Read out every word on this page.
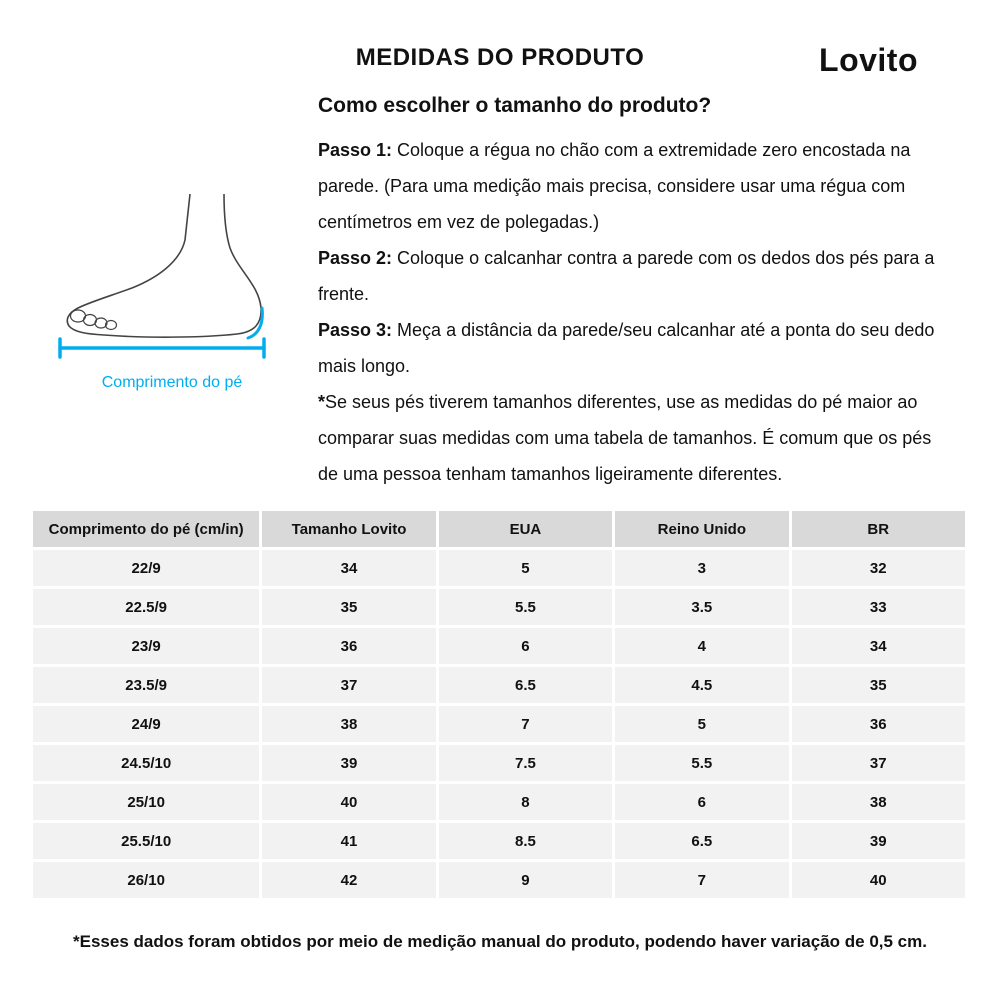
MEDIDAS DO PRODUTO	Lovito
Como escolher o tamanho do produto?

Passo 1: Coloque a régua no chão com a extremidade zero encostada na parede. (Para uma medição mais precisa, considere usar uma régua com centímetros em vez de polegadas.)

Passo 2: Coloque o calcanhar contra a parede com os dedos dos pés para a frente.

Passo 3: Meça a distância da parede/seu calcanhar até a ponta do seu dedo mais longo.

*Se seus pés tiverem tamanhos diferentes, use as medidas do pé maior ao comparar suas medidas com uma tabela de tamanhos. É comum que os pés de uma pessoa tenham tamanhos ligeiramente diferentes.

Comprimento do pé
Comprimento do pé (cm/in)	Tamanho Lovito	EUA	Reino Unido	BR
22/9	34	5	3	32
22.5/9	35	5.5	3.5	33
23/9	36	6	4	34
23.5/9	37	6.5	4.5	35
24/9	38	7	5	36
24.5/10	39	7.5	5.5	37
25/10	40	8	6	38
25.5/10	41	8.5	6.5	39
26/10	42	9	7	40
*Esses dados foram obtidos por meio de medição manual do produto, podendo haver variação de 0,5 cm.
